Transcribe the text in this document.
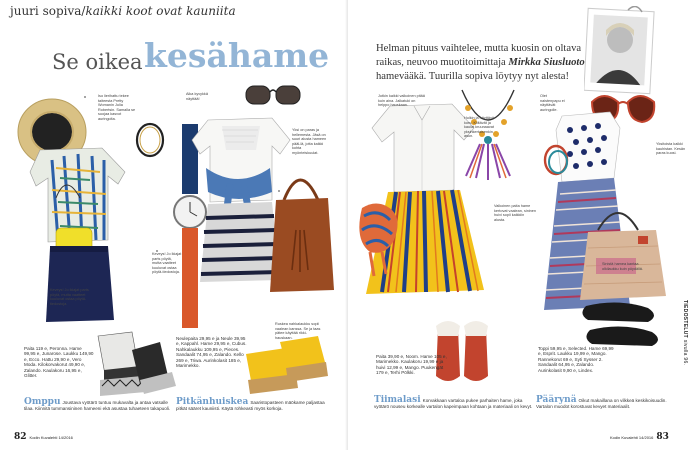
juuri sopiva/kaikki koot ovat kauniita
Se oikea kesähame
Iso lierihattu tekee taiteesta Pretty Womanin Julia Robertsin. Samalla se suojaa kasvot auringolta.
Aika kyvykkä näyttää!
Yksi on paras ja hellemesta. Jäsä on suuri alusta hameen pääl-lä, jotta kaikki kohta myönteiskuulat.
Keveys! Jo ikiajat parts pöytä, mutta vaatteet kuuluvat ostaa pöytä-tiedostoja.
Keveys! Jo ikiajat parts pöytä, mutta vaatteet kuuluvat ostaa pöytä-tiedostoja.
Ruskea nahkalaukku sopii vaalean kanssa. Se ja taas pätee käyttää rikki-hauskaan.
Paita 119 e, Peronna. Hame 99,95 e, Junarose. Laukku 149,90 e, Ecco. Hattu 29,90 e, Vero Moda. Kilokorvakorut 49,90 e, Zalando. Kaulakoru 16,95 e, Glitter.
Neulepaita 29,95 e ja Neule 39,95 e, Kappahl. Hame 29,95 e, Cubus. Nahkalaukku 109,95 e, Pieces. Sandaalit 74,95 e, Zalando. Kello 269 e, Triwa. Aurinkolasit 185 e, Marimekko.
Omppu Joustava vyötärö tuntuu mukavalta ja antaa vatsalle tilaa. Kiinnitä tummansininen hameeni ekä asustaa tuhaeteen takapuoli.
Pitkänhuiskea Saaristopasteen mäökame paljastaa pitkät sääret kauniisti. Käytä rohkeasti myös korkoja.
82 Kodin Kuvalehti 14/2016
Helman pituus vaihtelee, mutta kuosin on oltava raikas, neuvoo muotitoimittaja Mirkka Siusluoto hamevääkä. Tuurilla sopiva löytyy nyt alesta!
Jotkin kaikki valkoinen pitää kuin aina. Jalkatuki on helppo hauskaan.
Hulkin ja näyttävä koru. Kiiltävät ja kaulat kruunaavat yksinkertaisenkin asun.
Valkoinen paita hame kertovat vaalean, sininen huivi sopii kaikkiin alusta.
Olet naistenpapu ei näyttävät auringolle.
Yksitoista kaikki kauhistan. Kesän paras kuosi.
Sinistä hamea kantaa olkilaukku kuin pöydällä.
Paita 39,90 e, Noom. Hame 105 e, Marimekko. Kaulakoru 19,99 e ja huivi 12,99 e, Mango. Puukengät 179 e, Terhi Pölkki.
Toppi 59,95 e, Selected. Hame 69,99 e, Esprit. Laukku 19,99 e, Mango. Rannekorut 69 e, Syti Sysser 2. Sandaalit 64,95 e, Zalando. Aurinkolasit 9,90 e, Lindex.
Tiimalasi Korvakkaan vartaloa pukee parhaiten hame, joka vyötärö nouseu korkealle vartalon kapeimpaan kohtaan ja materiaali on kevyt.
Päärynä Oikut makaillana on vilkkeä keskikoisuudin. Vartalon muodot korostuvat kevyet materiaalit.
TIEDOSTELUT sivulla 96.
Kodin Kuvalehti 14/2016 83
